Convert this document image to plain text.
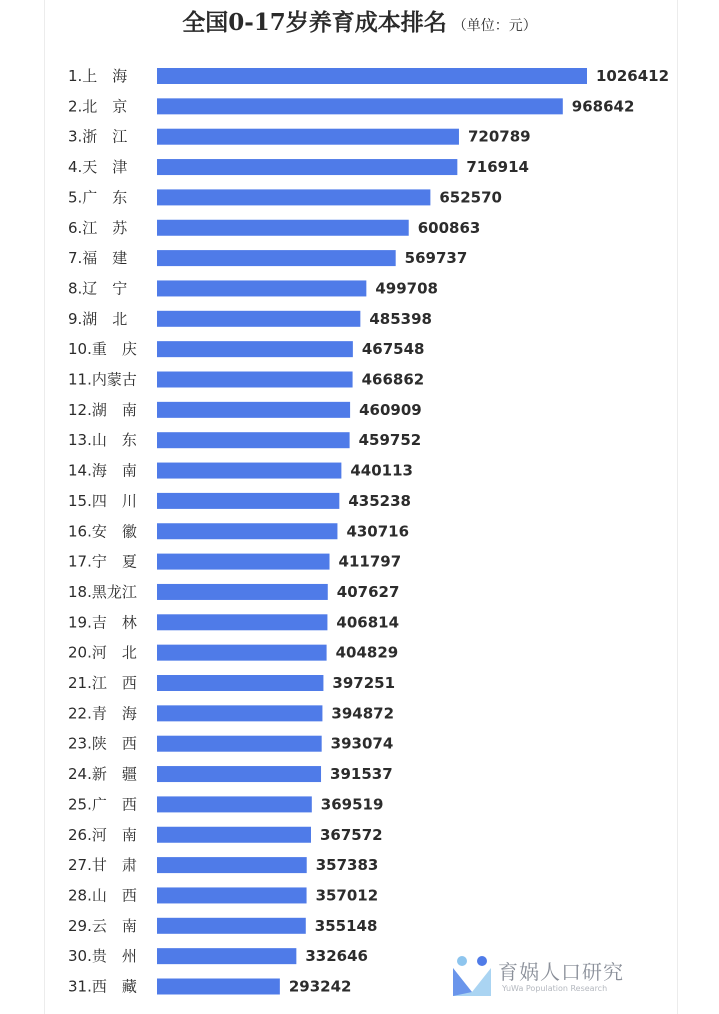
全国0-17岁养育成本排名 （单位：元）
1.上　海	1026412
2.北　京	968642
3.浙　江	720789
4.天　津	716914
5.广　东	652570
6.江　苏	600863
7.福　建	569737
8.辽　宁	499708
9.湖　北	485398
10.重　庆	467548
11.内蒙古	466862
12.湖　南	460909
13.山　东	459752
14.海　南	440113
15.四　川	435238
16.安　徽	430716
17.宁　夏	411797
18.黑龙江	407627
19.吉　林	406814
20.河　北	404829
21.江　西	397251
22.青　海	394872
23.陕　西	393074
24.新　疆	391537
25.广　西	369519
26.河　南	367572
27.甘　肃	357383
28.山　西	357012
29.云　南	355148
30.贵　州	332646
31.西　藏	293242
育娲人口研究
YuWa Population Research
